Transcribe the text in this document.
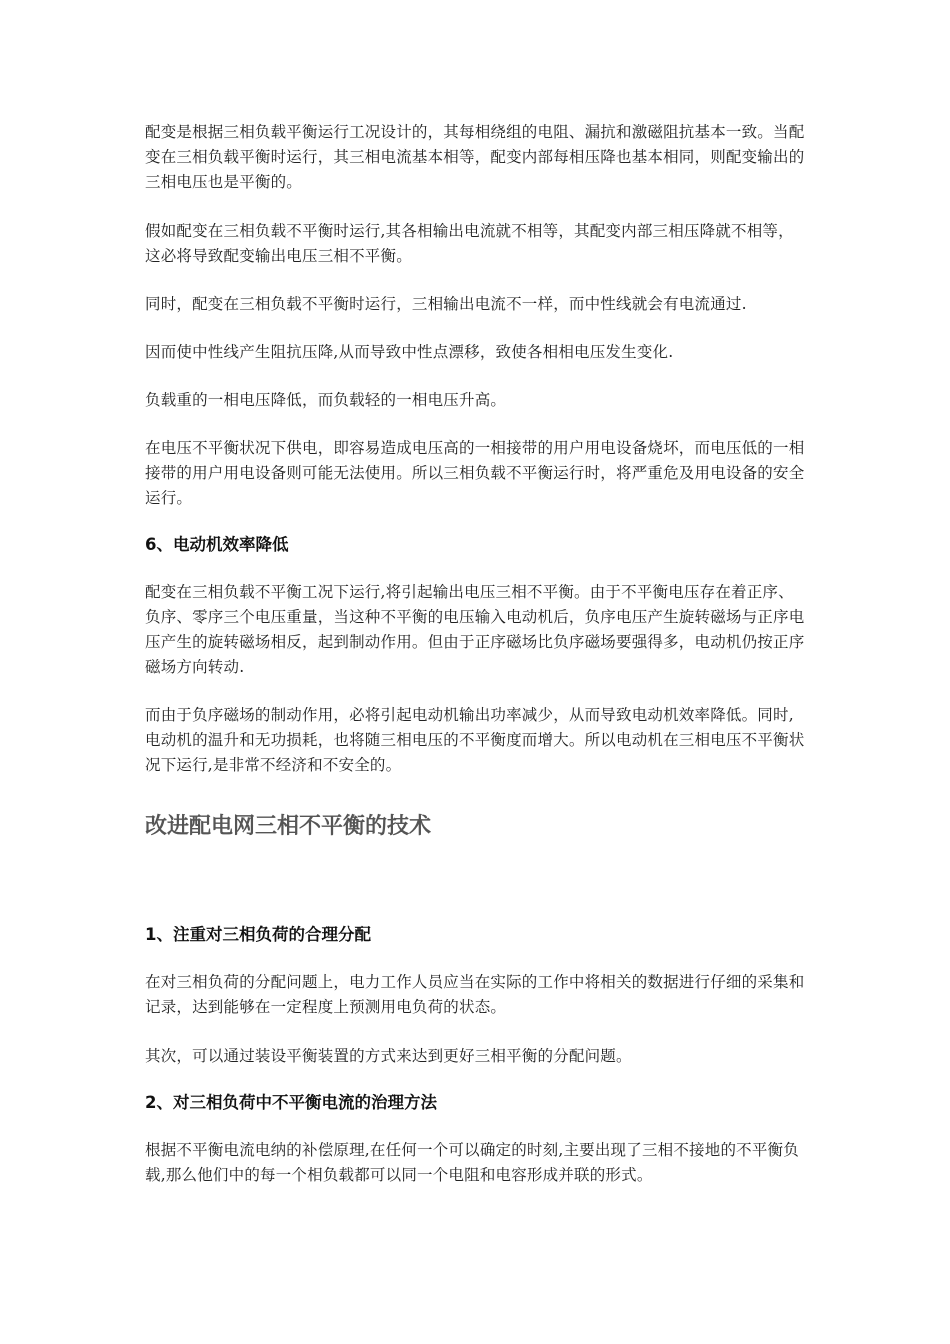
配变是根据三相负载平衡运行工况设计的，其每相绕组的电阻、漏抗和激磁阻抗基本一致。当配变在三相负载平衡时运行，其三相电流基本相等，配变内部每相压降也基本相同，则配变输出的三相电压也是平衡的。

假如配变在三相负载不平衡时运行,其各相输出电流就不相等，其配变内部三相压降就不相等，这必将导致配变输出电压三相不平衡。

同时，配变在三相负载不平衡时运行，三相输出电流不一样，而中性线就会有电流通过.

因而使中性线产生阻抗压降,从而导致中性点漂移，致使各相相电压发生变化.

负载重的一相电压降低，而负载轻的一相电压升高。

在电压不平衡状况下供电，即容易造成电压高的一相接带的用户用电设备烧坏，而电压低的一相接带的用户用电设备则可能无法使用。所以三相负载不平衡运行时，将严重危及用电设备的安全运行。

6、电动机效率降低

配变在三相负载不平衡工况下运行,将引起输出电压三相不平衡。由于不平衡电压存在着正序、负序、零序三个电压重量，当这种不平衡的电压输入电动机后，负序电压产生旋转磁场与正序电压产生的旋转磁场相反，起到制动作用。但由于正序磁场比负序磁场要强得多，电动机仍按正序磁场方向转动.

而由于负序磁场的制动作用，必将引起电动机输出功率减少，从而导致电动机效率降低。同时,电动机的温升和无功损耗，也将随三相电压的不平衡度而增大。所以电动机在三相电压不平衡状况下运行,是非常不经济和不安全的。

改进配电网三相不平衡的技术
1、注重对三相负荷的合理分配

在对三相负荷的分配问题上，电力工作人员应当在实际的工作中将相关的数据进行仔细的采集和记录，达到能够在一定程度上预测用电负荷的状态。

其次，可以通过装设平衡装置的方式来达到更好三相平衡的分配问题。

2、对三相负荷中不平衡电流的治理方法

根据不平衡电流电纳的补偿原理,在任何一个可以确定的时刻,主要出现了三相不接地的不平衡负载,那么他们中的每一个相负载都可以同一个电阻和电容形成并联的形式。
